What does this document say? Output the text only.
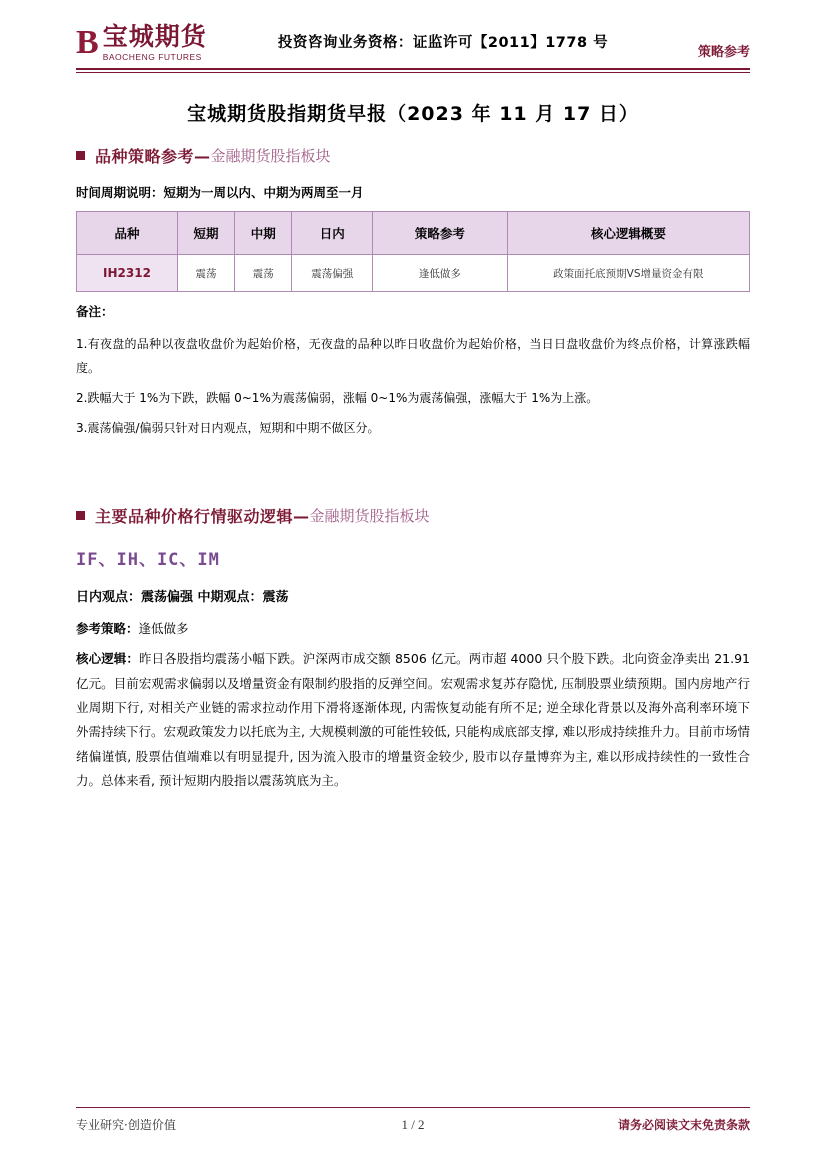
B 宝城期货
BAOCHENG FUTURES
投资咨询业务资格：证监许可【2011】1778 号
策略参考
宝城期货股指期货早报（2023 年 11 月 17 日）
品种策略参考— 金融期货股指板块
时间周期说明：短期为一周以内、中期为两周至一月
品种	短期	中期	日内	策略参考	核心逻辑概要
IH2312	震荡	震荡	震荡偏强	逢低做多	政策面托底预期VS增量资金有限
备注：
1.有夜盘的品种以夜盘收盘价为起始价格，无夜盘的品种以昨日收盘价为起始价格，当日日盘收盘价为终点价格，计算涨跌幅度。
2.跌幅大于 1%为下跌，跌幅 0~1%为震荡偏弱，涨幅 0~1%为震荡偏强，涨幅大于 1%为上涨。
3.震荡偏强/偏弱只针对日内观点，短期和中期不做区分。
主要品种价格行情驱动逻辑— 金融期货股指板块
IF、IH、IC、IM
日内观点：震荡偏强 中期观点：震荡
参考策略：逢低做多
核心逻辑：昨日各股指均震荡小幅下跌。沪深两市成交额 8506 亿元。两市超 4000 只个股下跌。北向资金净卖出 21.91 亿元。目前宏观需求偏弱以及增量资金有限制约股指的反弹空间。宏观需求复苏存隐忧, 压制股票业绩预期。国内房地产行业周期下行, 对相关产业链的需求拉动作用下滑将逐渐体现, 内需恢复动能有所不足; 逆全球化背景以及海外高利率环境下外需持续下行。宏观政策发力以托底为主, 大规模刺激的可能性较低, 只能构成底部支撑, 难以形成持续推升力。目前市场情绪偏谨慎, 股票估值端难以有明显提升, 因为流入股市的增量资金较少, 股市以存量博弈为主, 难以形成持续性的一致性合力。总体来看, 预计短期内股指以震荡筑底为主。
专业研究·创造价值	1 / 2	请务必阅读文末免责条款
